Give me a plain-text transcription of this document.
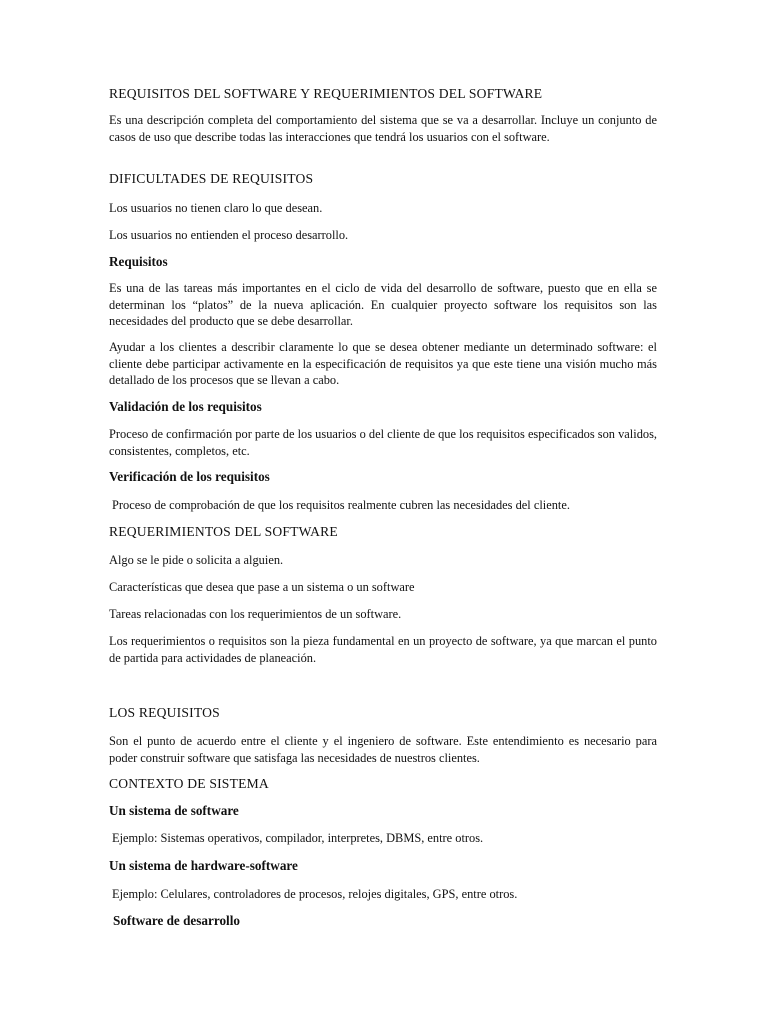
REQUISITOS DEL SOFTWARE Y REQUERIMIENTOS DEL SOFTWARE
Es una descripción completa del comportamiento del sistema que se va a desarrollar. Incluye un conjunto de casos de uso que describe todas las interacciones que tendrá los usuarios con el software.
DIFICULTADES DE REQUISITOS
Los usuarios no tienen claro lo que desean.
Los usuarios no entienden el proceso desarrollo.
Requisitos
Es una de las tareas más importantes en el ciclo de vida del desarrollo de software, puesto que en ella se determinan los “platos” de la nueva aplicación. En cualquier proyecto software los requisitos son las necesidades del producto que se debe desarrollar.
Ayudar a los clientes a describir claramente lo que se desea obtener mediante un determinado software: el cliente debe participar activamente en la especificación de requisitos ya que este tiene una visión mucho más detallado de los procesos que se llevan a cabo.
Validación de los requisitos
Proceso de confirmación por parte de los usuarios o del cliente de que los requisitos especificados son validos, consistentes, completos, etc.
Verificación de los requisitos
Proceso de comprobación de que los requisitos realmente cubren las necesidades del cliente.
REQUERIMIENTOS DEL SOFTWARE
Algo se le pide o solicita a alguien.
Características que desea que pase a un sistema o un software
Tareas relacionadas con los requerimientos de un software.
Los requerimientos o requisitos son la pieza fundamental en un proyecto de software, ya que marcan el punto de partida para actividades de planeación.
LOS REQUISITOS
Son el punto de acuerdo entre el cliente y el ingeniero de software. Este entendimiento es necesario para poder construir software que satisfaga las necesidades de nuestros clientes.
CONTEXTO DE SISTEMA
Un sistema de software
Ejemplo: Sistemas operativos, compilador, interpretes, DBMS, entre otros.
Un sistema de hardware-software
Ejemplo: Celulares, controladores de procesos, relojes digitales, GPS, entre otros.
Software de desarrollo
